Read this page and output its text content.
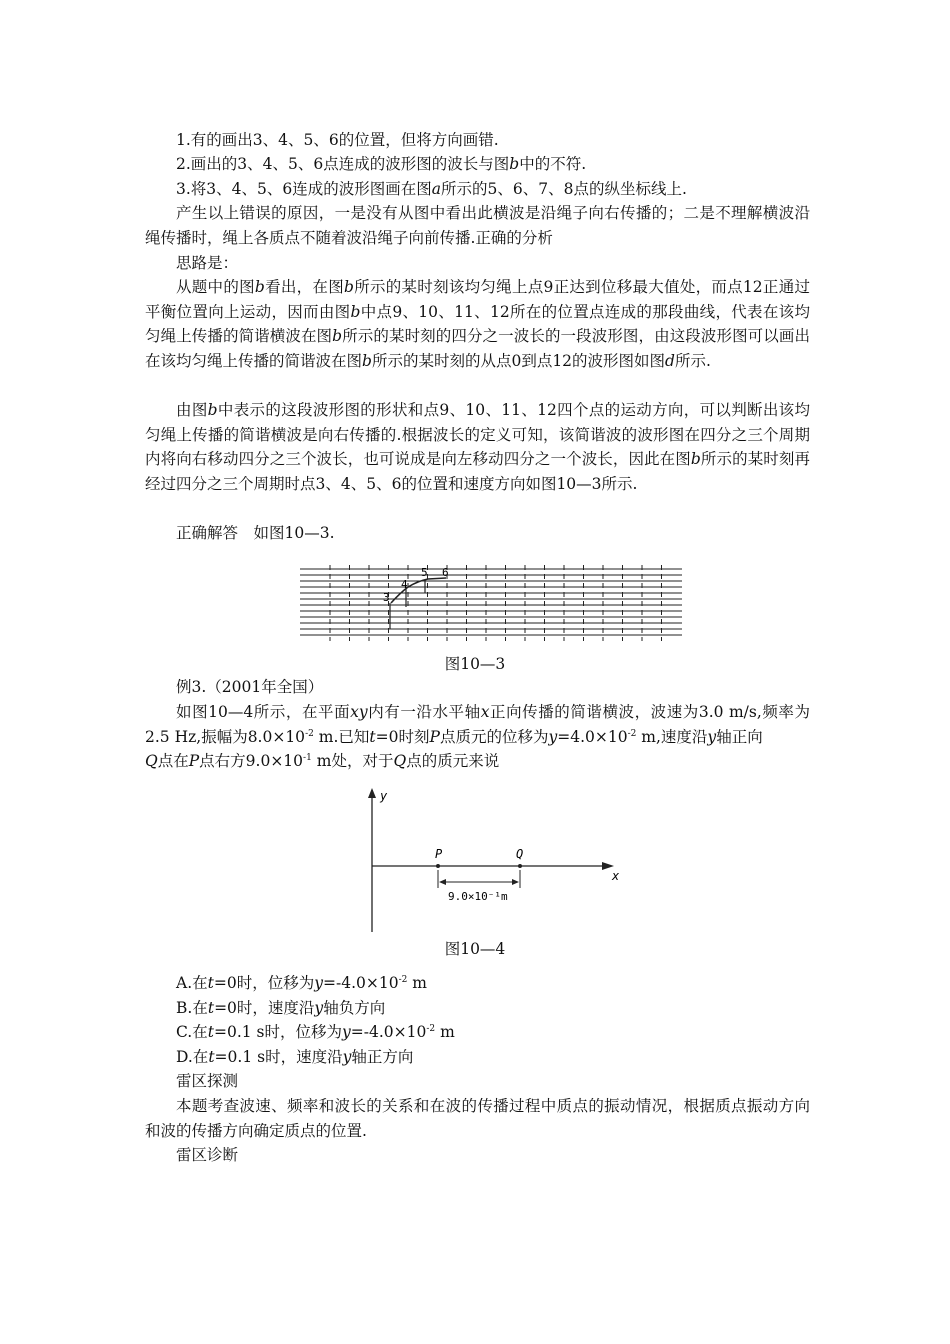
1.有的画出3、4、5、6的位置，但将方向画错.

2.画出的3、4、5、6点连成的波形图的波长与图b中的不符.

3.将3、4、5、6连成的波形图画在图a所示的5、6、7、8点的纵坐标线上.

产生以上错误的原因，一是没有从图中看出此横波是沿绳子向右传播的；二是不理解横波沿绳传播时，绳上各质点不随着波沿绳子向前传播.正确的分析

思路是：

从题中的图b看出，在图b所示的某时刻该均匀绳上点9正达到位移最大值处，而点12正通过平衡位置向上运动，因而由图b中点9、10、11、12所在的位置点连成的那段曲线，代表在该均匀绳上传播的简谐横波在图b所示的某时刻的四分之一波长的一段波形图，由这段波形图可以画出在该均匀绳上传播的简谐波在图b所示的某时刻的从点0到点12的波形图如图d所示.

由图b中表示的这段波形图的形状和点9、10、11、12四个点的运动方向，可以判断出该均匀绳上传播的简谐横波是向右传播的.根据波长的定义可知，该简谐波的波形图在四分之三个周期内将向右移动四分之三个波长，也可说成是向左移动四分之一个波长，因此在图b所示的某时刻再经过四分之三个周期时点3、4、5、6的位置和速度方向如图10—3所示.

正确解答　如图10—3.

3
4
5 6

图10—3

例3.（2001年全国）

如图10—4所示，在平面xy内有一沿水平轴x正向传播的简谐横波，波速为3.0 m/s,频率为2.5 Hz,振幅为$8.0\times 10^{-2}$ m.已知t=0时刻P点质元的位移为$y=4.0\times 10^{-2}$ m,速度沿y轴正向
Q点在P点右方$9.0\times 10^{-1}$ m处，对于Q点的质元来说

y
x
P	Q
9.0×10⁻¹m

图10—4

A.在t=0时，位移为$y=-4.0\times 10^{-2}$ m

B.在t=0时，速度沿y轴负方向

C.在t=0.1 s时，位移为$y=-4.0\times 10^{-2}$ m

D.在t=0.1 s时，速度沿y轴正方向

雷区探测

本题考查波速、频率和波长的关系和在波的传播过程中质点的振动情况，根据质点振动方向和波的传播方向确定质点的位置.

雷区诊断
